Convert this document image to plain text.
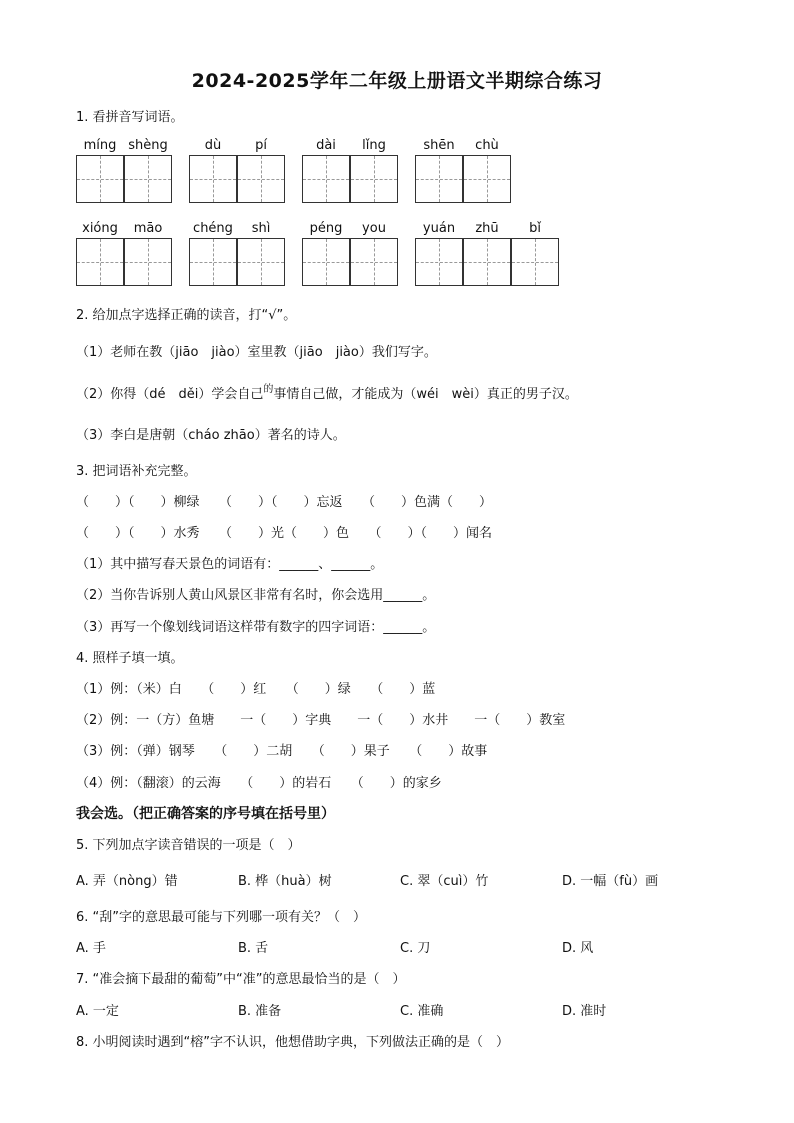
2024-2025学年二年级上册语文半期综合练习
1. 看拼音写词语。
míng shèng	dù	pí	dài	lǐng	shēn	chù
xióng	māo	chéng	shì	péng	you	yuán	zhū	bǐ
2. 给加点字选择正确的读音，打“√”。
（1）老师在教（jiāo　jiào）室里教（jiāo　jiào）我们写字。
（2）你得（dé　děi）学会自己$^的$事情自己做，才能成为（wéi　wèi）真正的男子汉。
（3）李白是唐朝（cháo zhāo）著名的诗人。
3. 把词语补充完整。
（　　）（　　）柳绿　　（　　）（　　）忘返　　（　　）色满（　　）
（　　）（　　）水秀　　（　　）光（　　）色　　（　　）（　　）闻名
（1）其中描写春天景色的词语有：______、______。
（2）当你告诉别人黄山风景区非常有名时，你会选用______。
（3）再写一个像划线词语这样带有数字的四字词语：______。
4. 照样子填一填。
（1）例：（米）白　　（　　）红　　（　　）绿　　（　　）蓝
（2）例：一（方）鱼塘　　一（　　）字典　　一（　　）水井　　一（　　）教室
（3）例：（弹）钢琴　　（　　）二胡　　（　　）果子　　（　　）故事
（4）例：（翻滚）的云海　　（　　）的岩石　　（　　）的家乡
我会选。（把正确答案的序号填在括号里）
5. 下列加点字读音错误的一项是（　）
A. 弄（nòng）错	B. 桦（huà）树	C. 翠（cuì）竹	D. 一幅（fù）画
6. “刮”字的意思最可能与下列哪一项有关？（　）
A. 手	B. 舌	C. 刀	D. 风
7. “准会摘下最甜的葡萄”中“准”的意思最恰当的是（　）
A. 一定	B. 准备	C. 准确	D. 准时
8. 小明阅读时遇到“榕”字不认识，他想借助字典，下列做法正确的是（　）
